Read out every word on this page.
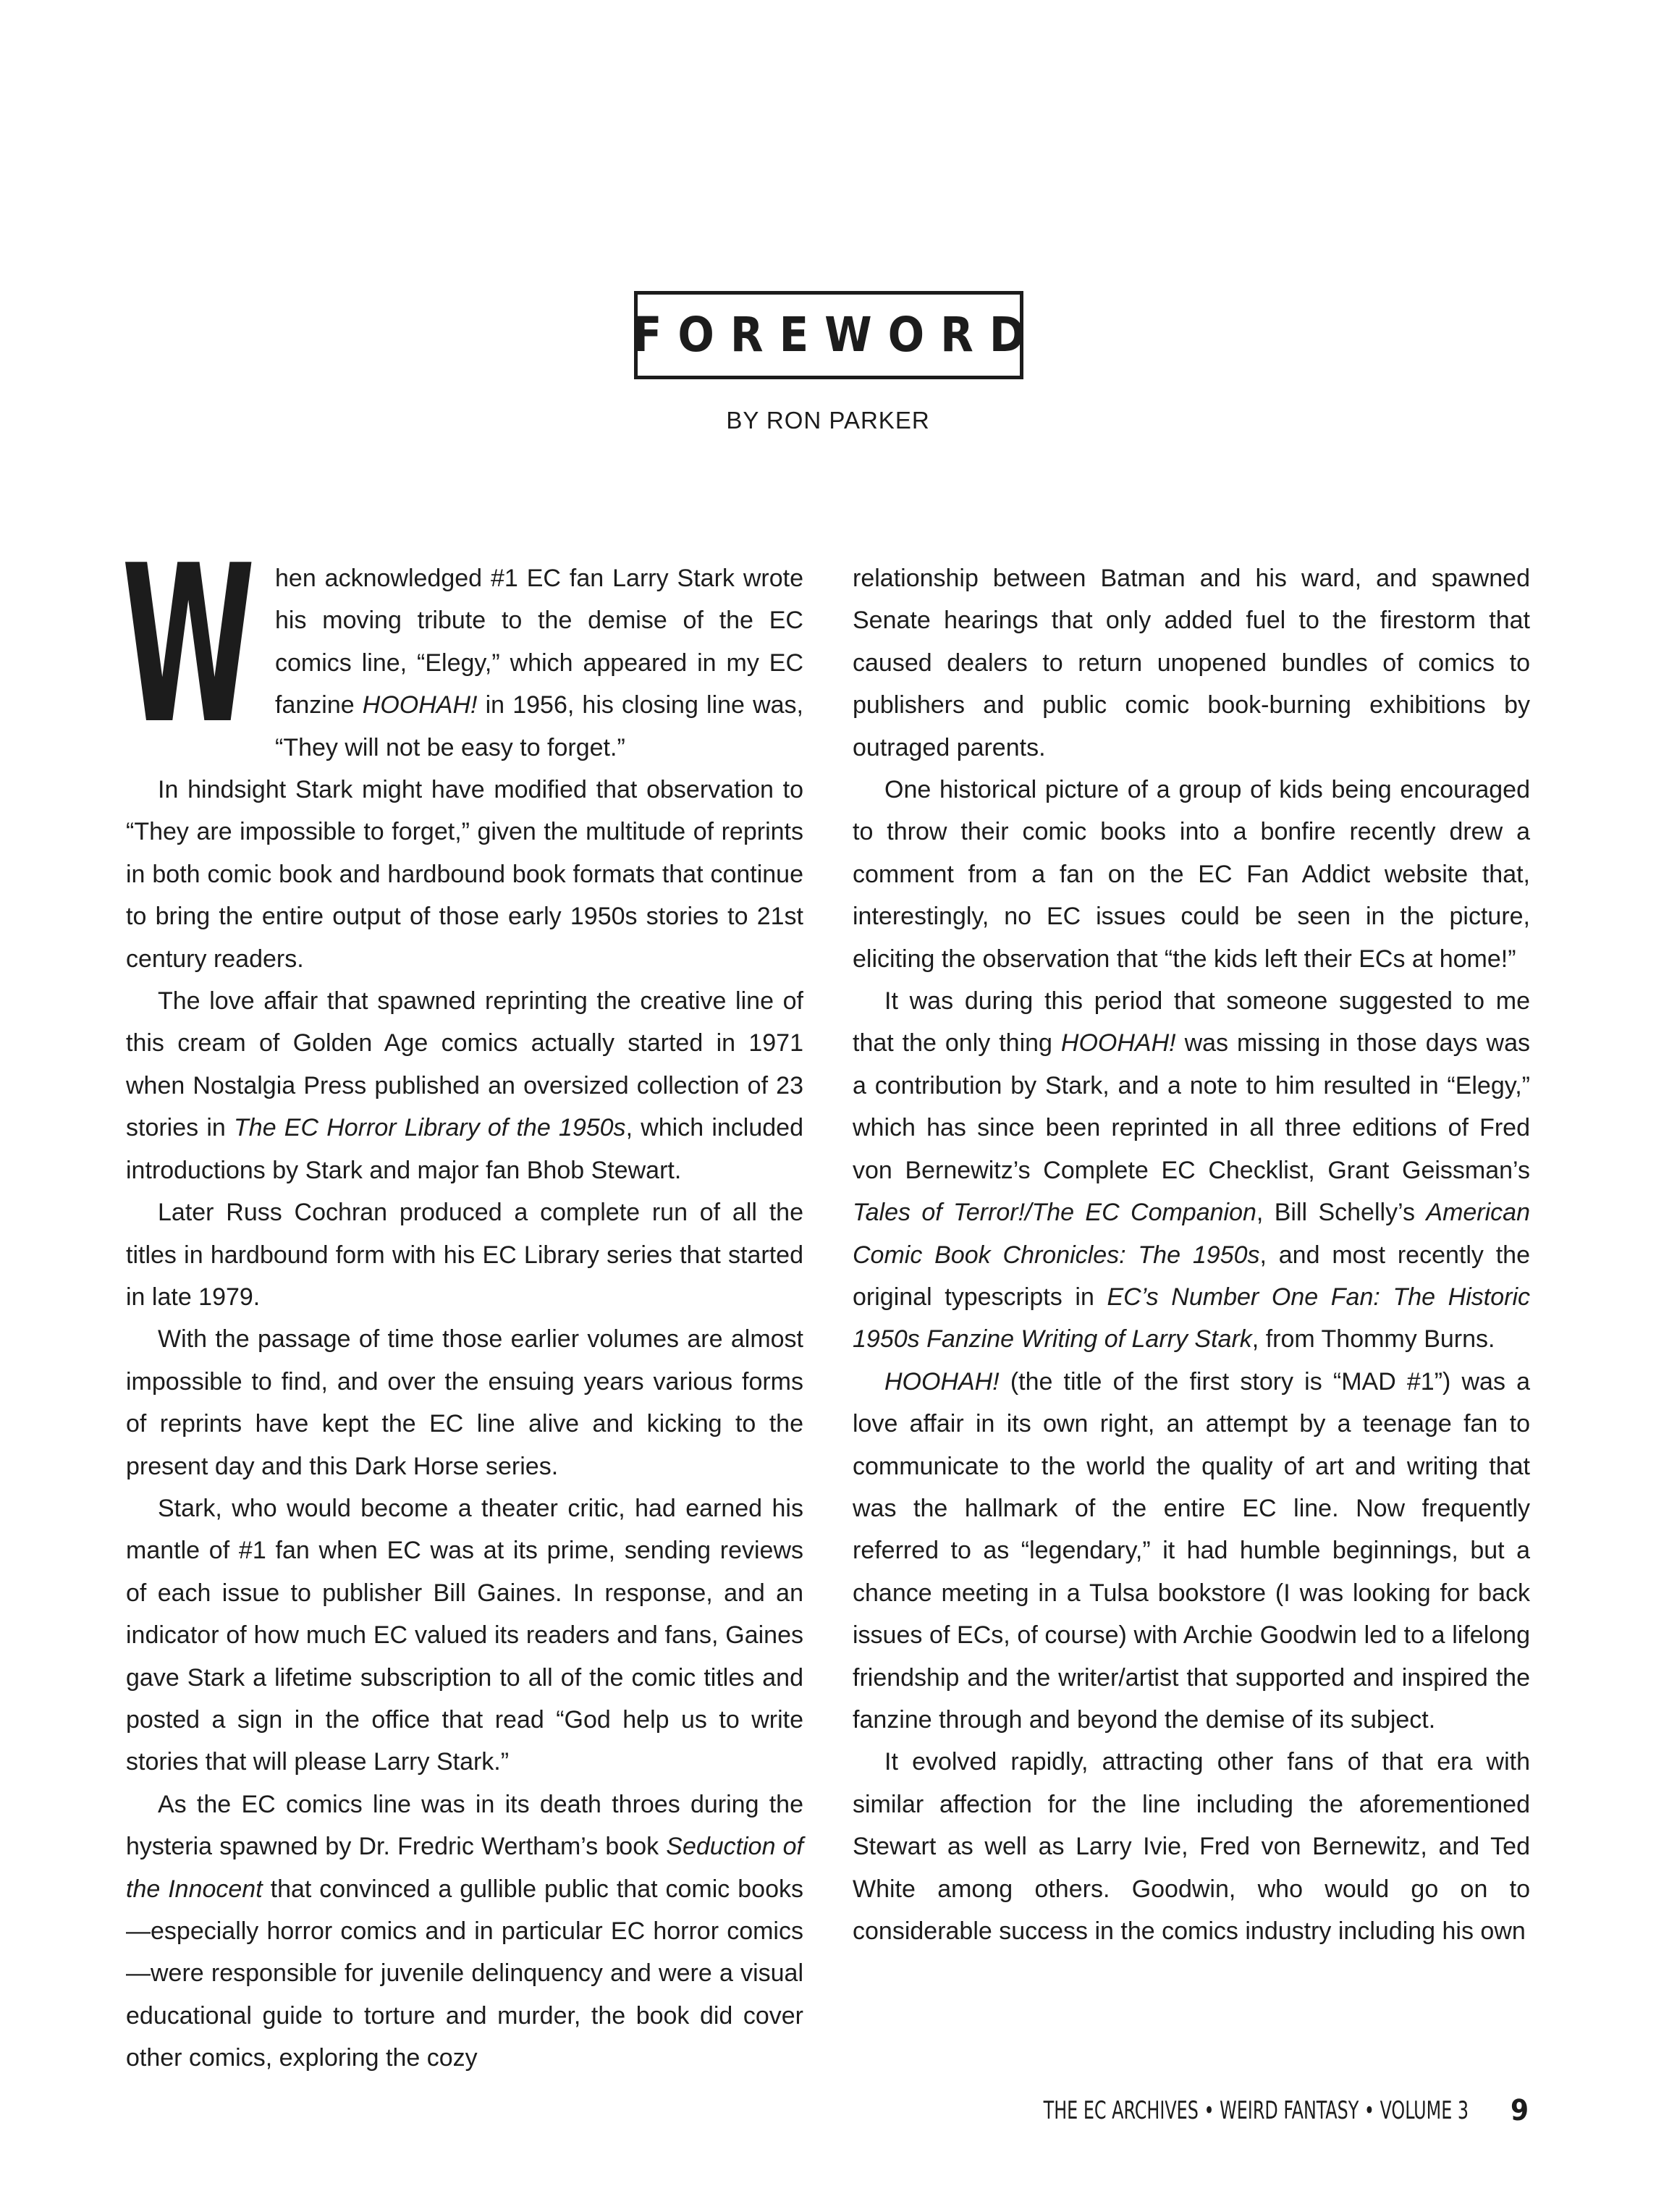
FOREWORD
BY RON PARKER

When acknowledged #1 EC fan Larry Stark wrote his moving tribute to the demise of the EC comics line, “Elegy,” which appeared in my EC fanzine HOOHAH! in 1956, his closing line was, “They will not be easy to forget.”

In hindsight Stark might have modified that observation to “They are impossible to forget,” given the multitude of reprints in both comic book and hardbound book formats that continue to bring the entire output of those early 1950s stories to 21st century readers.

The love affair that spawned reprinting the creative line of this cream of Golden Age comics actually started in 1971 when Nostalgia Press published an oversized collection of 23 stories in The EC Horror Library of the 1950s, which included introductions by Stark and major fan Bhob Stewart.

Later Russ Cochran produced a complete run of all the titles in hardbound form with his EC Library series that started in late 1979.

With the passage of time those earlier volumes are almost impossible to find, and over the ensuing years various forms of reprints have kept the EC line alive and kicking to the present day and this Dark Horse series.

Stark, who would become a theater critic, had earned his mantle of #1 fan when EC was at its prime, sending reviews of each issue to publisher Bill Gaines. In response, and an indicator of how much EC valued its readers and fans, Gaines gave Stark a lifetime subscription to all of the comic titles and posted a sign in the office that read “God help us to write stories that will please Larry Stark.”

As the EC comics line was in its death throes during the hysteria spawned by Dr. Fredric Wertham’s book Seduction of the Innocent that convinced a gullible public that comic books—especially horror comics and in particular EC horror comics—were responsible for juvenile delinquency and were a visual educational guide to torture and murder, the book did cover other comics, exploring the cozy

relationship between Batman and his ward, and spawned Senate hearings that only added fuel to the firestorm that caused dealers to return unopened bundles of comics to publishers and public comic book-burning exhibitions by outraged parents.

One historical picture of a group of kids being encouraged to throw their comic books into a bonfire recently drew a comment from a fan on the EC Fan Addict website that, interestingly, no EC issues could be seen in the picture, eliciting the observation that “the kids left their ECs at home!”

It was during this period that someone suggested to me that the only thing HOOHAH! was missing in those days was a contribution by Stark, and a note to him resulted in “Elegy,” which has since been reprinted in all three editions of Fred von Bernewitz’s Complete EC Checklist, Grant Geissman’s Tales of Terror!/The EC Companion, Bill Schelly’s American Comic Book Chronicles: The 1950s, and most recently the original typescripts in EC’s Number One Fan: The Historic 1950s Fanzine Writing of Larry Stark, from Thommy Burns.

HOOHAH! (the title of the first story is “MAD #1”) was a love affair in its own right, an attempt by a teenage fan to communicate to the world the quality of art and writing that was the hallmark of the entire EC line. Now frequently referred to as “legendary,” it had humble beginnings, but a chance meeting in a Tulsa bookstore (I was looking for back issues of ECs, of course) with Archie Goodwin led to a lifelong friendship and the writer/artist that supported and inspired the fanzine through and beyond the demise of its subject.

It evolved rapidly, attracting other fans of that era with similar affection for the line including the aforementioned Stewart as well as Larry Ivie, Fred von Bernewitz, and Ted White among others. Goodwin, who would go on to considerable success in the comics industry including his own

THE EC ARCHIVES • WEIRD FANTASY • VOLUME 3 9
